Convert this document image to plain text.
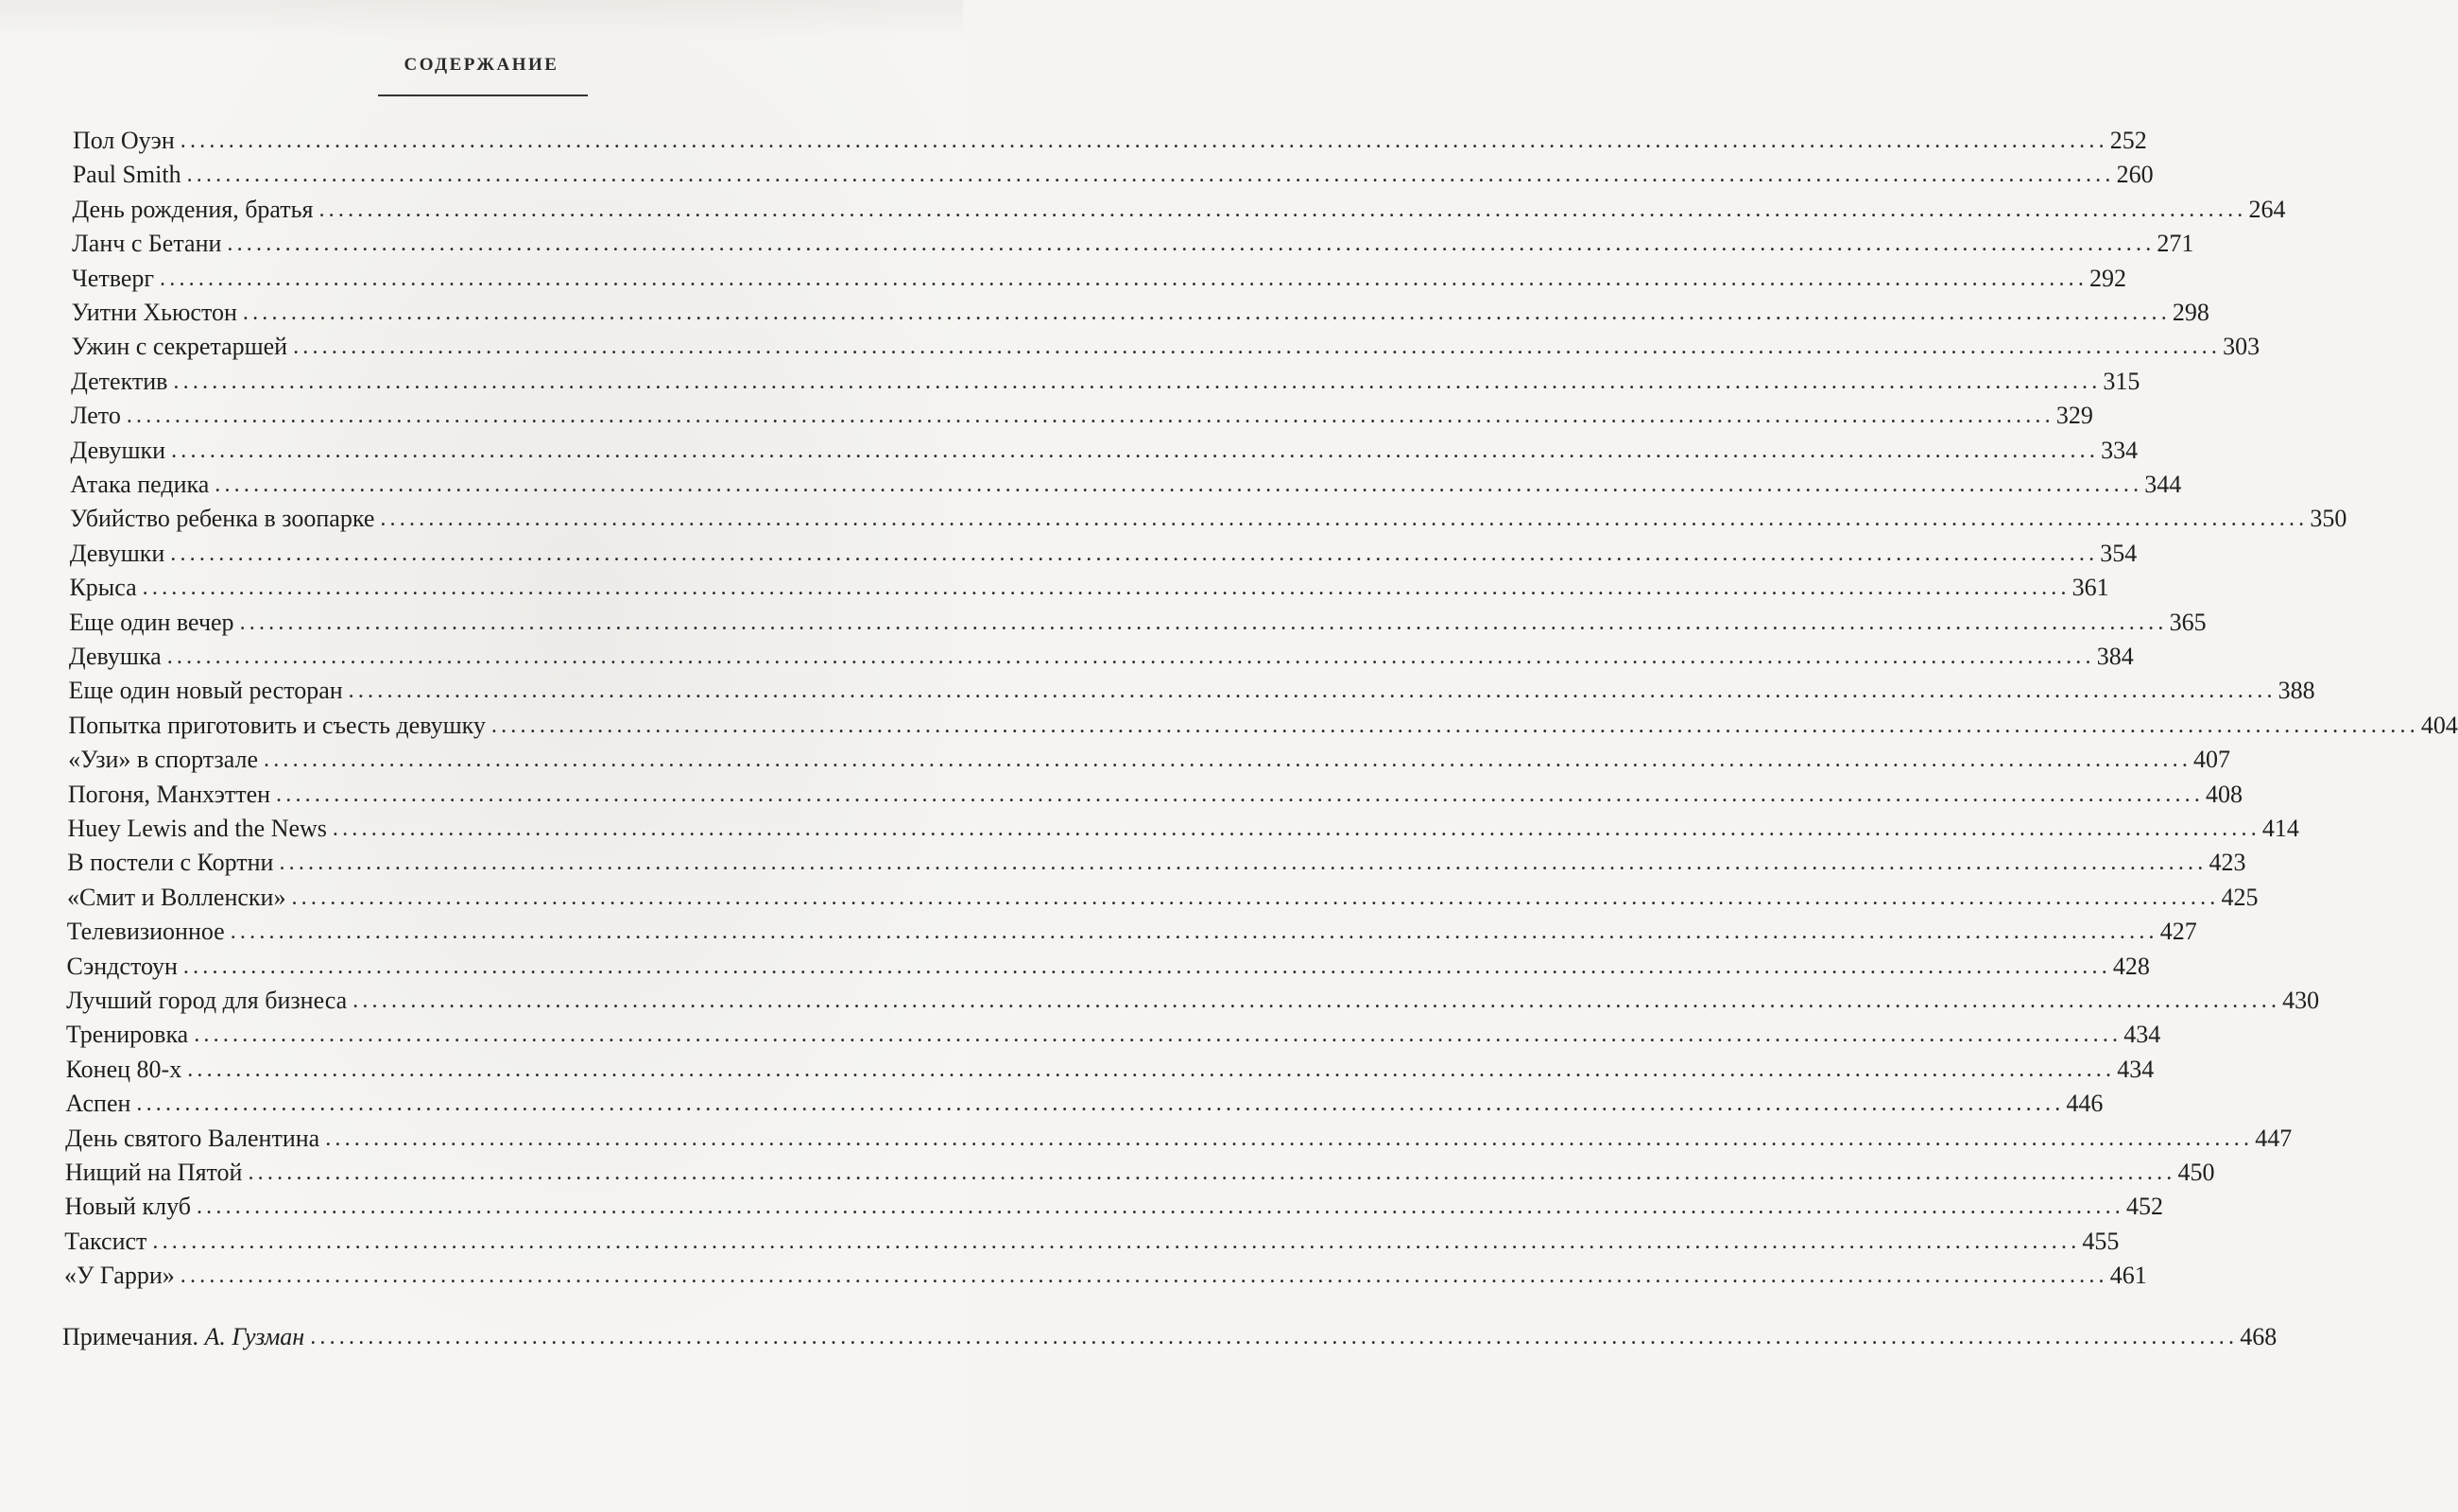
СОДЕРЖАНИЕ
Пол Оуэн ........................................................................................................................................................................................................ 252
Paul Smith ........................................................................................................................................................................................................ 260
День рождения, братья ........................................................................................................................................................................................................ 264
Ланч с Бетани ........................................................................................................................................................................................................ 271
Четверг ........................................................................................................................................................................................................ 292
Уитни Хьюстон ........................................................................................................................................................................................................ 298
Ужин с секретаршей ........................................................................................................................................................................................................ 303
Детектив ........................................................................................................................................................................................................ 315
Лето ........................................................................................................................................................................................................ 329
Девушки ........................................................................................................................................................................................................ 334
Атака педика ........................................................................................................................................................................................................ 344
Убийство ребенка в зоопарке ........................................................................................................................................................................................................ 350
Девушки ........................................................................................................................................................................................................ 354
Крыса ........................................................................................................................................................................................................ 361
Еще один вечер ........................................................................................................................................................................................................ 365
Девушка ........................................................................................................................................................................................................ 384
Еще один новый ресторан ........................................................................................................................................................................................................ 388
Попытка приготовить и съесть девушку ........................................................................................................................................................................................................ 404
«Узи» в спортзале ........................................................................................................................................................................................................ 407
Погоня, Манхэттен ........................................................................................................................................................................................................ 408
Huey Lewis and the News ........................................................................................................................................................................................................ 414
В постели с Кортни ........................................................................................................................................................................................................ 423
«Смит и Волленски» ........................................................................................................................................................................................................ 425
Телевизионное ........................................................................................................................................................................................................ 427
Сэндстоун ........................................................................................................................................................................................................ 428
Лучший город для бизнеса ........................................................................................................................................................................................................ 430
Тренировка ........................................................................................................................................................................................................ 434
Конец 80-х ........................................................................................................................................................................................................ 434
Аспен ........................................................................................................................................................................................................ 446
День святого Валентина ........................................................................................................................................................................................................ 447
Нищий на Пятой ........................................................................................................................................................................................................ 450
Новый клуб ........................................................................................................................................................................................................ 452
Таксист ........................................................................................................................................................................................................ 455
«У Гарри» ........................................................................................................................................................................................................ 461
Примечания. А. Гузман ........................................................................................................................................................................................................ 468
